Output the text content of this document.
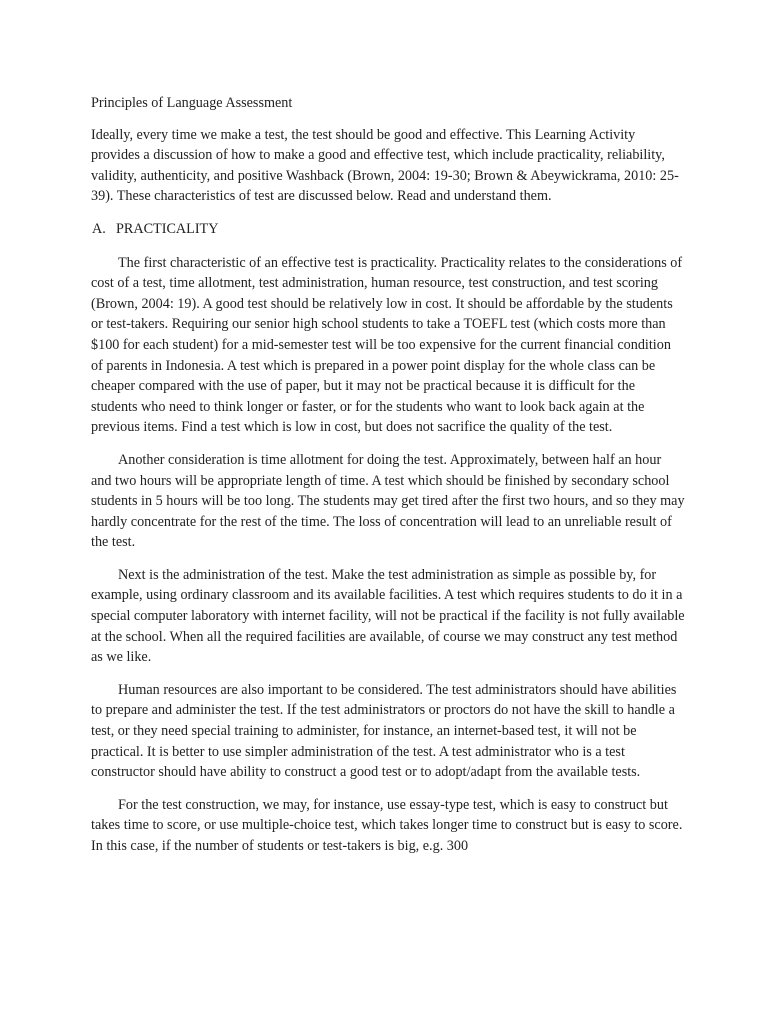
Principles of Language Assessment

Ideally, every time we make a test, the test should be good and effective. This Learning Activity provides a discussion of how to make a good and effective test, which include practicality, reliability, validity, authenticity, and positive Washback (Brown, 2004: 19-30; Brown & Abeywickrama, 2010: 25-39). These characteristics of test are discussed below. Read and understand them.

A. PRACTICALITY

The first characteristic of an effective test is practicality. Practicality relates to the considerations of cost of a test, time allotment, test administration, human resource, test construction, and test scoring (Brown, 2004: 19). A good test should be relatively low in cost. It should be affordable by the students or test-takers. Requiring our senior high school students to take a TOEFL test (which costs more than $100 for each student) for a mid-semester test will be too expensive for the current financial condition of parents in Indonesia. A test which is prepared in a power point display for the whole class can be cheaper compared with the use of paper, but it may not be practical because it is difficult for the students who need to think longer or faster, or for the students who want to look back again at the previous items. Find a test which is low in cost, but does not sacrifice the quality of the test.

Another consideration is time allotment for doing the test. Approximately, between half an hour and two hours will be appropriate length of time. A test which should be finished by secondary school students in 5 hours will be too long. The students may get tired after the first two hours, and so they may hardly concentrate for the rest of the time. The loss of concentration will lead to an unreliable result of the test.

Next is the administration of the test. Make the test administration as simple as possible by, for example, using ordinary classroom and its available facilities. A test which requires students to do it in a special computer laboratory with internet facility, will not be practical if the facility is not fully available at the school. When all the required facilities are available, of course we may construct any test method as we like.

Human resources are also important to be considered. The test administrators should have abilities to prepare and administer the test. If the test administrators or proctors do not have the skill to handle a test, or they need special training to administer, for instance, an internet-based test, it will not be practical. It is better to use simpler administration of the test. A test administrator who is a test constructor should have ability to construct a good test or to adopt/adapt from the available tests.

For the test construction, we may, for instance, use essay-type test, which is easy to construct but takes time to score, or use multiple-choice test, which takes longer time to construct but is easy to score. In this case, if the number of students or test-takers is big, e.g. 300
